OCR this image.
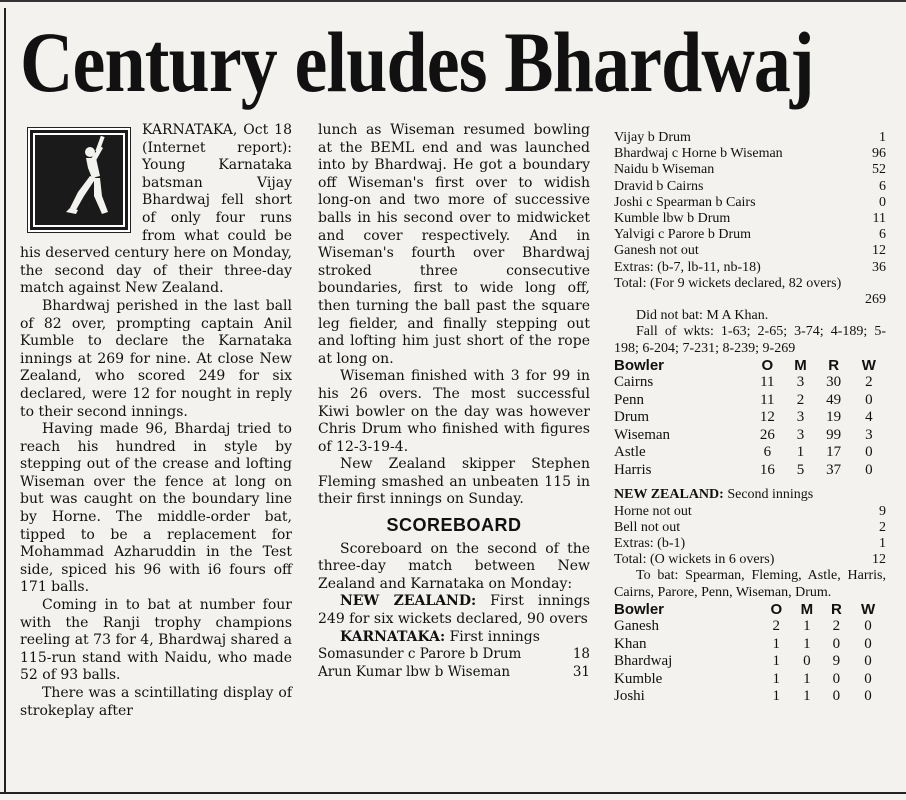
Century eludes Bhardwaj

KARNATAKA, Oct 18 (Internet report): Young Karnataka batsman Vijay Bhardwaj fell short of only four runs from what could be his deserved century here on Monday, the second day of their three-day match against New Zealand.

Bhardwaj perished in the last ball of 82 over, prompting captain Anil Kumble to declare the Karnataka innings at 269 for nine. At close New Zealand, who scored 249 for six declared, were 12 for nought in reply to their second innings.

Having made 96, Bhardaj tried to reach his hundred in style by stepping out of the crease and lofting Wiseman over the fence at long on but was caught on the boundary line by Horne. The middle-order bat, tipped to be a replacement for Mohammad Azharuddin in the Test side, spiced his 96 with i6 fours off 171 balls.

Coming in to bat at number four with the Ranji trophy champions reeling at 73 for 4, Bhardwaj shared a 115-run stand with Naidu, who made 52 of 93 balls.

There was a scintillating display of strokeplay after

lunch as Wiseman resumed bowling at the BEML end and was launched into by Bhardwaj. He got a boundary off Wiseman's first over to widish long-on and two more of successive balls in his second over to midwicket and cover respectively. And in Wiseman's fourth over Bhardwaj stroked three consecutive boundaries, first to wide long off, then turning the ball past the square leg fielder, and finally stepping out and lofting him just short of the rope at long on.

Wiseman finished with 3 for 99 in his 26 overs. The most successful Kiwi bowler on the day was however Chris Drum who finished with figures of 12-3-19-4.

New Zealand skipper Stephen Fleming smashed an unbeaten 115 in their first innings on Sunday.

SCOREBOARD

Scoreboard on the second of the three-day match between New Zealand and Karnataka on Monday:

NEW ZEALAND: First innings 249 for six wickets declared, 90 overs

KARNATAKA: First innings

Somasunder c Parore b Drum	18
Arun Kumar lbw b Wiseman	31
Vijay b Drum	1
Bhardwaj c Horne b Wiseman	96
Naidu b Wiseman	52
Dravid b Cairns	6
Joshi c Spearman b Cairs	0
Kumble lbw b Drum	11
Yalvigi c Parore b Drum	6
Ganesh not out	12
Extras: (b-7, lb-11, nb-18)	36
Total: (For 9 wickets declared, 82 overs)
269

Did not bat: M A Khan.

Fall of wkts: 1-63; 2-65; 3-74; 4-189; 5-198; 6-204; 7-231; 8-239; 9-269

Bowler	O	M	R	W
Cairns	11	3	30	2
Penn	11	2	49	0
Drum	12	3	19	4
Wiseman	26	3	99	3
Astle	6	1	17	0
Harris	16	5	37	0

NEW ZEALAND: Second innings

Horne not out	9
Bell not out	2
Extras: (b-1)	1
Total: (O wickets in 6 overs)	12

To bat: Spearman, Fleming, Astle, Harris, Cairns, Parore, Penn, Wiseman, Drum.

Bowler	O	M	R	W
Ganesh	2	1	2	0
Khan	1	1	0	0
Bhardwaj	1	0	9	0
Kumble	1	1	0	0
Joshi	1	1	0	0
